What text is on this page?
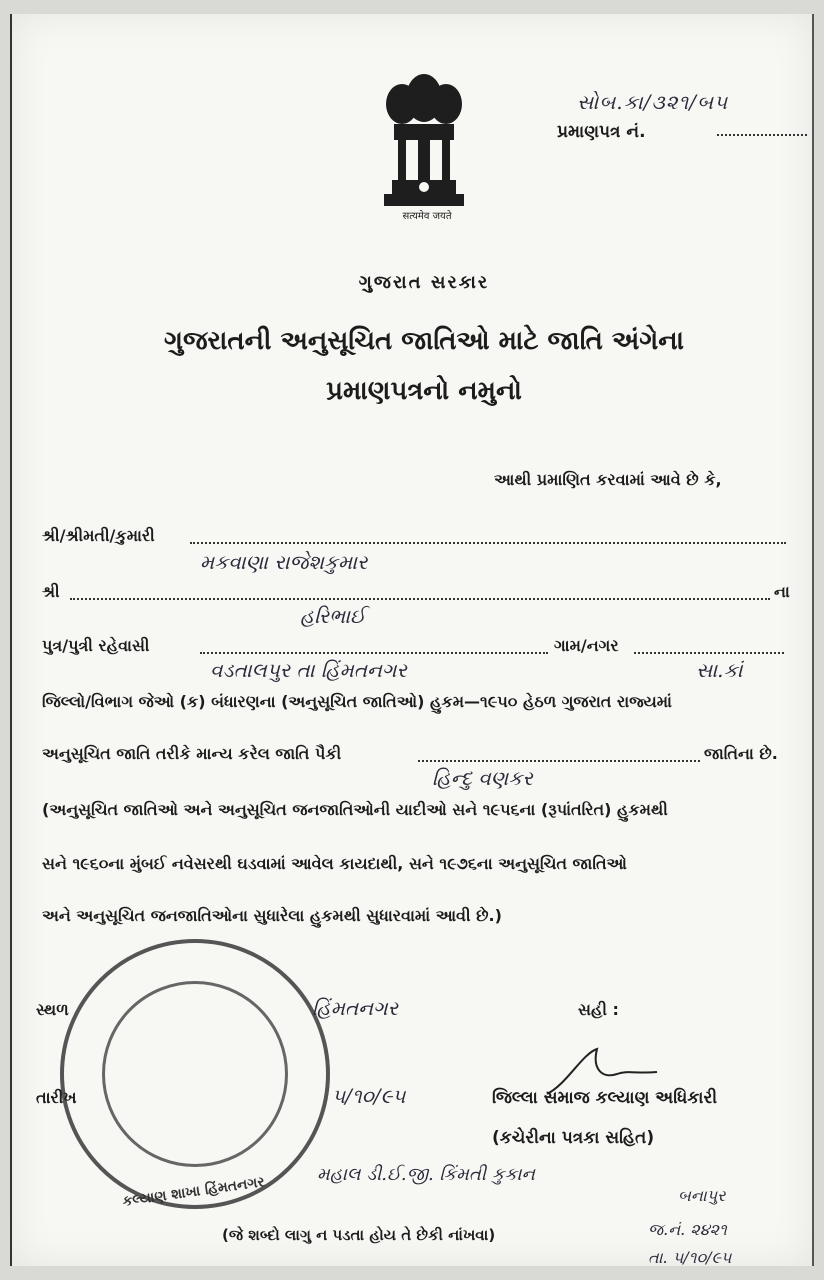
सत्यमेव जयते
સોબ.કા/૩૨૧/બ૫
પ્રમાણપત્ર નં.
ગુજરાત સરકાર
ગુજરાતની અનુસૂચિત જાતિઓ માટે જાતિ અંગેના
પ્રમાણપત્રનો નમુનો
આથી પ્રમાણિત કરવામાં આવે છે કે,
શ્રી/શ્રીમતી/કુમારી
મકવાણા રાજેશકુમાર
શ્રી	ના
હરિભાઈ
પુત્ર/પુત્રી રહેવાસી	ગામ/નગર
વડતાલપુર તા હિંમતનગર	સા.કાં
જિલ્લો/વિભાગ જેઓ (ક) બંધારણના (અનુસૂચિત જાતિઓ) હુકમ—૧૯૫૦ હેઠળ ગુજરાત રાજ્યમાં
અનુસૂચિત જાતિ તરીકે માન્ય કરેલ જાતિ પૈકી	જાતિના છે.
હિન્દુ વણકર
(અનુસૂચિત જાતિઓ અને અનુસૂચિત જનજાતિઓની યાદીઓ સને ૧૯૫૬ના (રૂપાંતરિત) હુકમથી
સને ૧૯૬૦ના મુંબઈ નવેસરથી ઘડવામાં આવેલ કાયદાથી, સને ૧૯૭૬ના અનુસૂચિત જાતિઓ
અને અનુસૂચિત જનજાતિઓના સુધારેલા હુકમથી સુધારવામાં આવી છે.)
કલ્યાણ શાખા હિંમતનગર
સ્થળ	હિંમતનગર	સહી :
તારીખ	૫/૧૦/૯૫	જિલ્લા સમાજ કલ્યાણ અધિકારી
(કચેરીના પત્રકા સહિત)
મહાલ ડી.ઈ.જી. કિંમતી કુકાન
બનાપુર
જ.નં. ૨૪૨૧
તા. ૫/૧૦/૯૫
(જે શબ્દો લાગુ ન પડતા હોય તે છેકી નાંખવા)
